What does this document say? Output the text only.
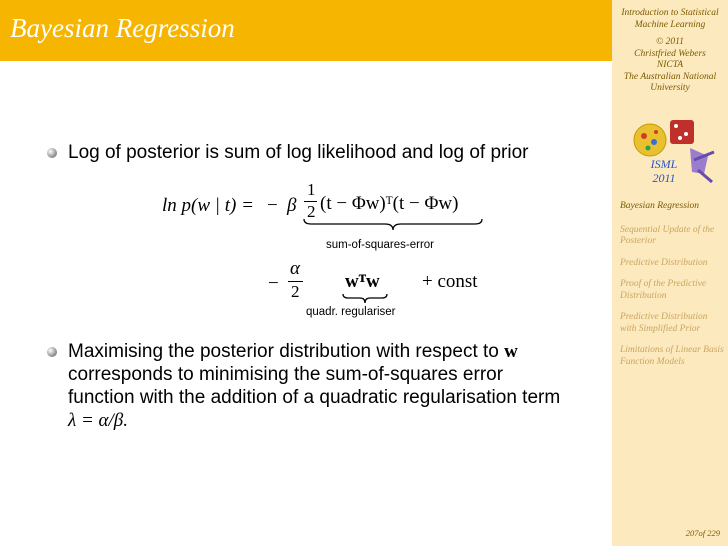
Bayesian Regression	Introduction to Statistical Machine Learning
© 2011
Christfried Webers
NICTA
The Australian National University
ISML
2011
Bayesian Regression
Sequential Update of the Posterior
Predictive Distribution
Proof of the Predictive Distribution
Predictive Distribution with Simplified Prior
Limitations of Linear Basis Function Models
207of 229
Log of posterior is sum of log likelihood and log of prior
ln p(w | t) = − β
1
2 (t − Φw)ᵀ(t − Φw)
sum-of-squares-error
−
α
2 wᵀw
quadr. regulariser
+ const
Maximising the posterior distribution with respect to w
corresponds to minimising the sum-of-squares error
function with the addition of a quadratic regularisation term
λ = α/β.
